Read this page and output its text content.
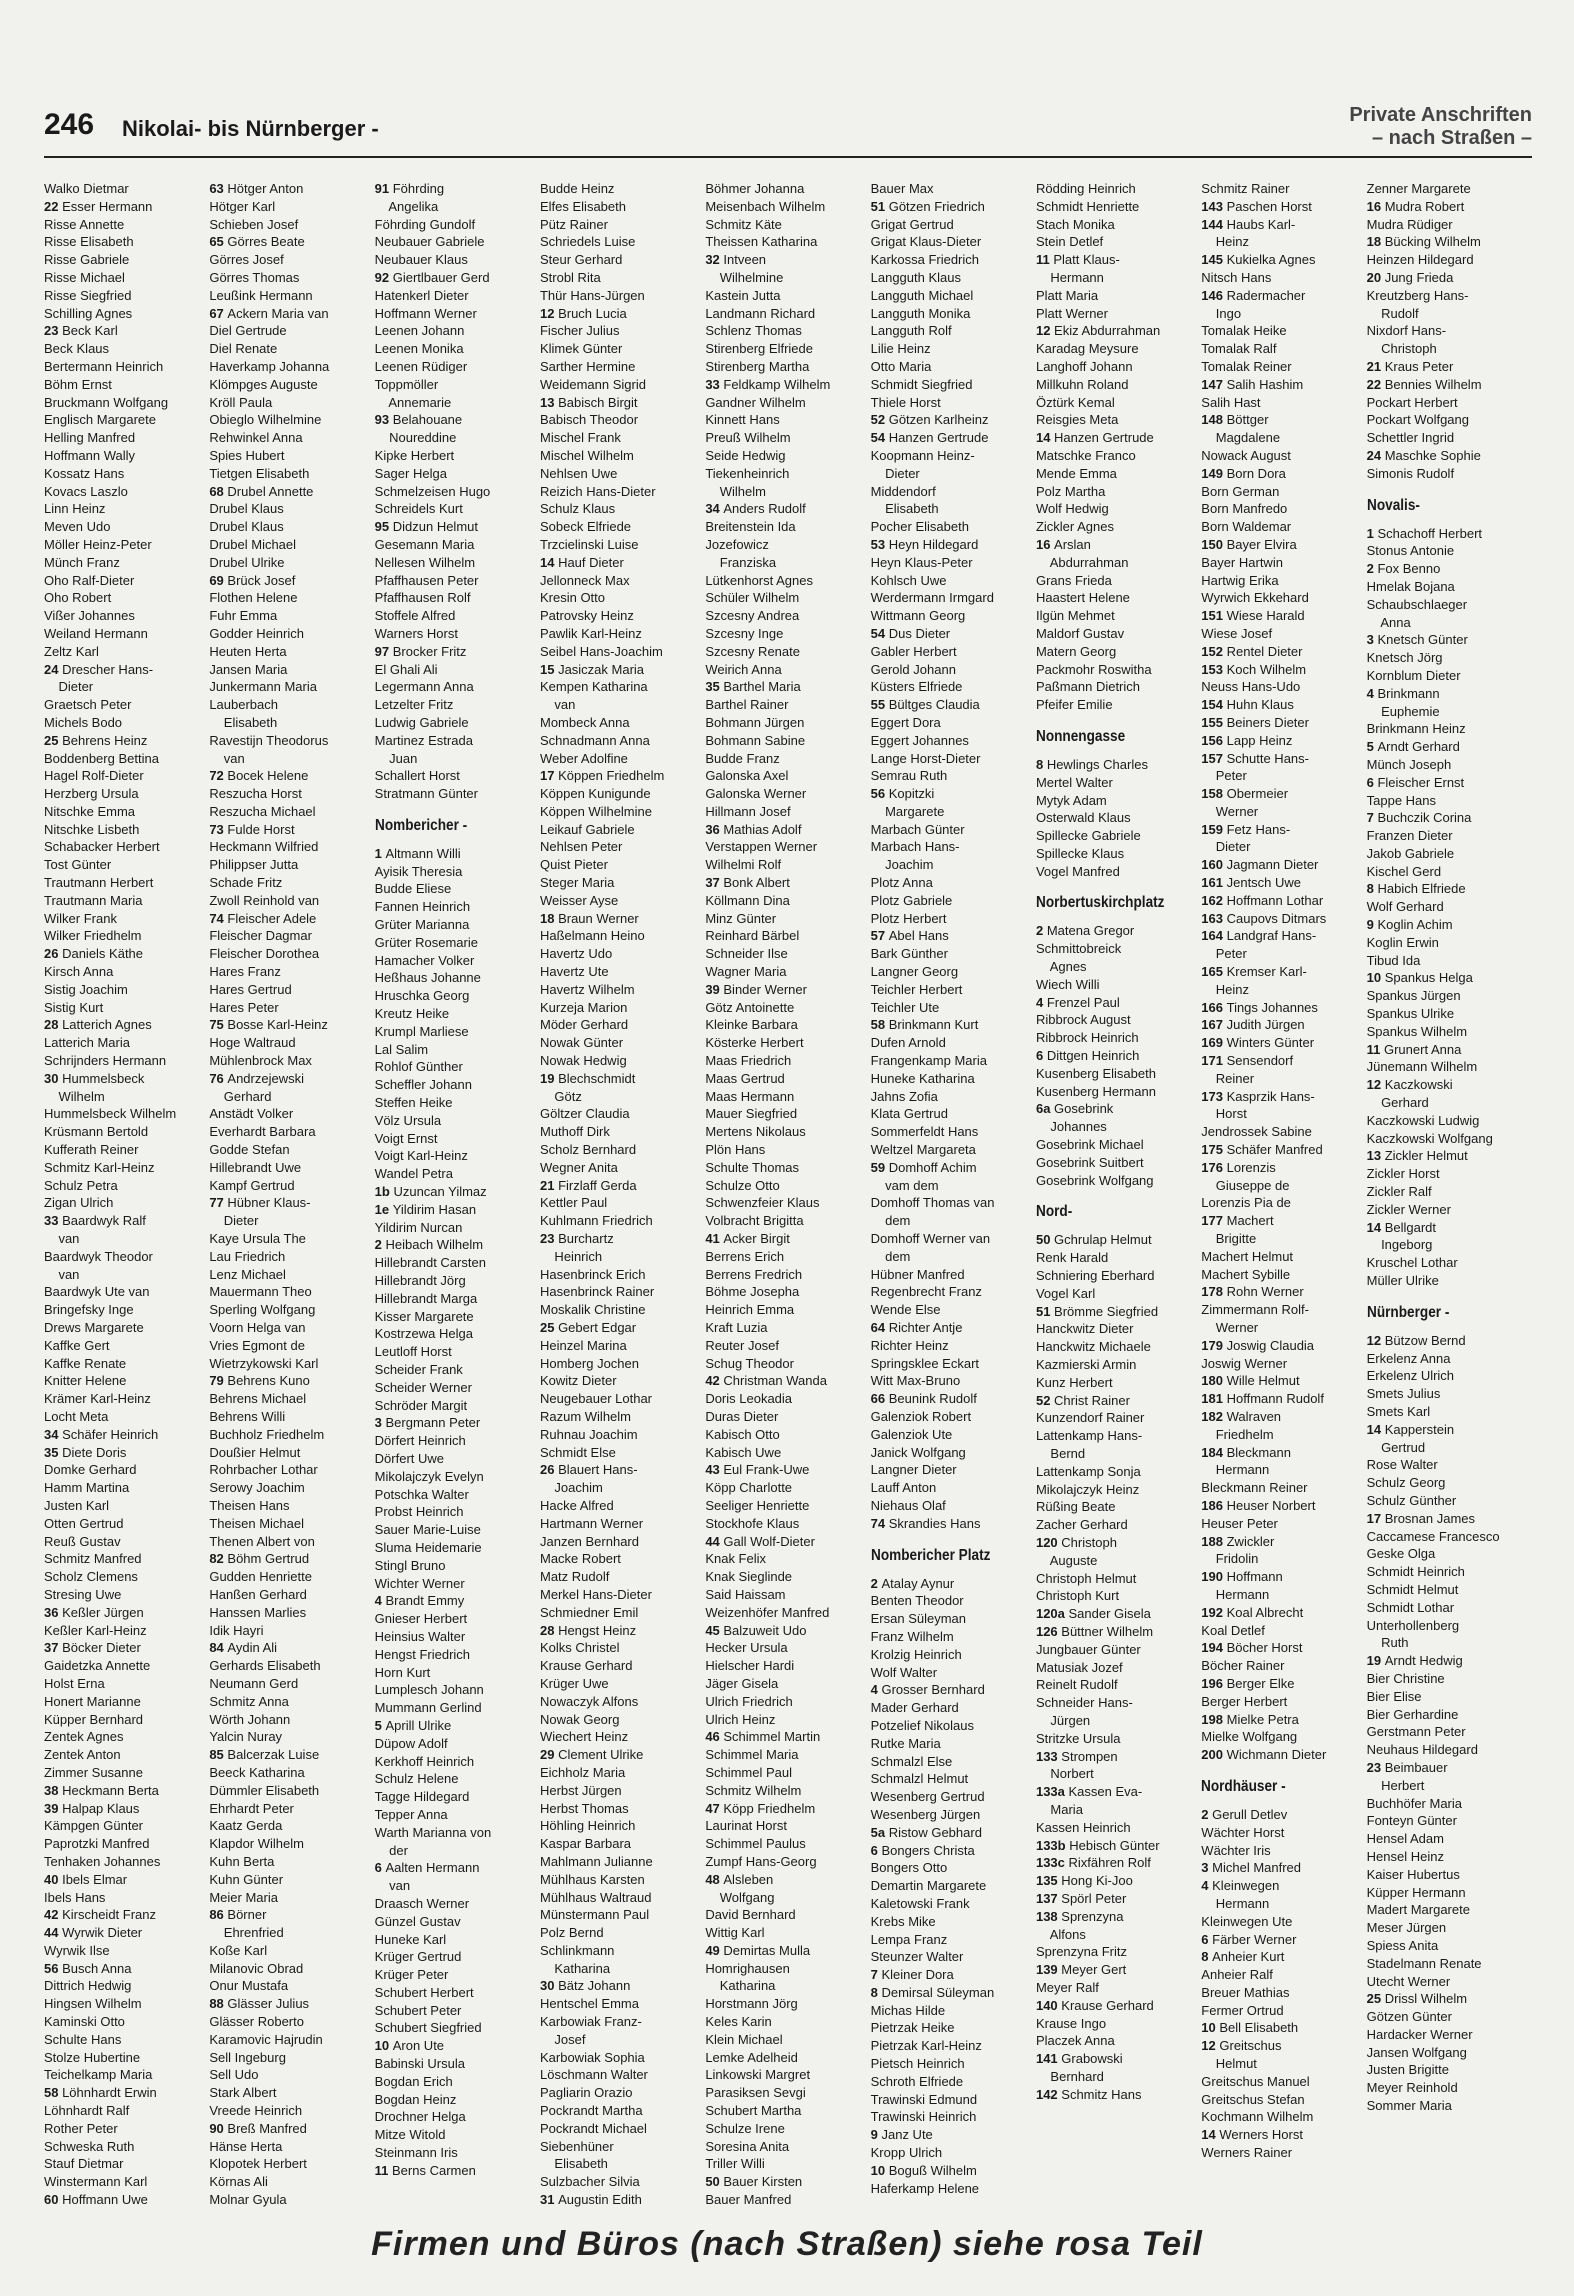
246 Nikolai- bis Nürnberger -
Private Anschriften
– nach Straßen –
Walko Dietmar
22 Esser Hermann
Risse Annette
Risse Elisabeth
Risse Gabriele
Risse Michael
Risse Siegfried
Schilling Agnes
23 Beck Karl
Beck Klaus
Bertermann Heinrich
Böhm Ernst
Bruckmann Wolfgang
Englisch Margarete
Helling Manfred
Hoffmann Wally
Kossatz Hans
Kovacs Laszlo
Linn Heinz
Meven Udo
Möller Heinz-Peter
Münch Franz
Oho Ralf-Dieter
Oho Robert
Vißer Johannes
Weiland Hermann
Zeltz Karl
24 Drescher Hans-
Dieter
Graetsch Peter
Michels Bodo
25 Behrens Heinz
Boddenberg Bettina
Hagel Rolf-Dieter
Herzberg Ursula
Nitschke Emma
Nitschke Lisbeth
Schabacker Herbert
Tost Günter
Trautmann Herbert
Trautmann Maria
Wilker Frank
Wilker Friedhelm
26 Daniels Käthe
Kirsch Anna
Sistig Joachim
Sistig Kurt
28 Latterich Agnes
Latterich Maria
Schrijnders Hermann
30 Hummelsbeck
Wilhelm
Hummelsbeck Wilhelm
Krüsmann Bertold
Kufferath Reiner
Schmitz Karl-Heinz
Schulz Petra
Zigan Ulrich
33 Baardwyk Ralf
van
Baardwyk Theodor
van
Baardwyk Ute van
Bringefsky Inge
Drews Margarete
Kaffke Gert
Kaffke Renate
Knitter Helene
Krämer Karl-Heinz
Locht Meta
34 Schäfer Heinrich
35 Diete Doris
Domke Gerhard
Hamm Martina
Justen Karl
Otten Gertrud
Reuß Gustav
Schmitz Manfred
Scholz Clemens
Stresing Uwe
36 Keßler Jürgen
Keßler Karl-Heinz
37 Böcker Dieter
Gaidetzka Annette
Holst Erna
Honert Marianne
Küpper Bernhard
Zentek Agnes
Zentek Anton
Zimmer Susanne
38 Heckmann Berta
39 Halpap Klaus
Kämpgen Günter
Paprotzki Manfred
Tenhaken Johannes
40 Ibels Elmar
Ibels Hans
42 Kirscheidt Franz
44 Wyrwik Dieter
Wyrwik Ilse
56 Busch Anna
Dittrich Hedwig
Hingsen Wilhelm
Kaminski Otto
Schulte Hans
Stolze Hubertine
Teichelkamp Maria
58 Löhnhardt Erwin
Löhnhardt Ralf
Rother Peter
Schweska Ruth
Stauf Dietmar
Winstermann Karl
60 Hoffmann Uwe
63 Hötger Anton
Hötger Karl
Schieben Josef
65 Görres Beate
Görres Josef
Görres Thomas
Leußink Hermann
67 Ackern Maria van
Diel Gertrude
Diel Renate
Haverkamp Johanna
Klömpges Auguste
Kröll Paula
Obieglo Wilhelmine
Rehwinkel Anna
Spies Hubert
Tietgen Elisabeth
68 Drubel Annette
Drubel Klaus
Drubel Klaus
Drubel Michael
Drubel Ulrike
69 Brück Josef
Flothen Helene
Fuhr Emma
Godder Heinrich
Heuten Herta
Jansen Maria
Junkermann Maria
Lauberbach
Elisabeth
Ravestijn Theodorus
van
72 Bocek Helene
Reszucha Horst
Reszucha Michael
73 Fulde Horst
Heckmann Wilfried
Philippser Jutta
Schade Fritz
Zwoll Reinhold van
74 Fleischer Adele
Fleischer Dagmar
Fleischer Dorothea
Hares Franz
Hares Gertrud
Hares Peter
75 Bosse Karl-Heinz
Hoge Waltraud
Mühlenbrock Max
76 Andrzejewski
Gerhard
Anstädt Volker
Everhardt Barbara
Godde Stefan
Hillebrandt Uwe
Kampf Gertrud
77 Hübner Klaus-
Dieter
Kaye Ursula The
Lau Friedrich
Lenz Michael
Mauermann Theo
Sperling Wolfgang
Voorn Helga van
Vries Egmont de
Wietrzykowski Karl
79 Behrens Kuno
Behrens Michael
Behrens Willi
Buchholz Friedhelm
Doußier Helmut
Rohrbacher Lothar
Serowy Joachim
Theisen Hans
Theisen Michael
Thenen Albert von
82 Böhm Gertrud
Gudden Henriette
Hanßen Gerhard
Hanssen Marlies
Idik Hayri
84 Aydin Ali
Gerhards Elisabeth
Neumann Gerd
Schmitz Anna
Wörth Johann
Yalcin Nuray
85 Balcerzak Luise
Beeck Katharina
Dümmler Elisabeth
Ehrhardt Peter
Kaatz Gerda
Klapdor Wilhelm
Kuhn Berta
Kuhn Günter
Meier Maria
86 Börner
Ehrenfried
Koße Karl
Milanovic Obrad
Onur Mustafa
88 Glässer Julius
Glässer Roberto
Karamovic Hajrudin
Sell Ingeburg
Sell Udo
Stark Albert
Vreede Heinrich
90 Breß Manfred
Hänse Herta
Klopotek Herbert
Körnas Ali
Molnar Gyula
91 Föhrding
Angelika
Föhrding Gundolf
Neubauer Gabriele
Neubauer Klaus
92 Giertlbauer Gerd
Hatenkerl Dieter
Hoffmann Werner
Leenen Johann
Leenen Monika
Leenen Rüdiger
Toppmöller
Annemarie
93 Belahouane
Noureddine
Kipke Herbert
Sager Helga
Schmelzeisen Hugo
Schreidels Kurt
95 Didzun Helmut
Gesemann Maria
Nellesen Wilhelm
Pfaffhausen Peter
Pfaffhausen Rolf
Stoffele Alfred
Warners Horst
97 Brocker Fritz
El Ghali Ali
Legermann Anna
Letzelter Fritz
Ludwig Gabriele
Martinez Estrada
Juan
Schallert Horst
Stratmann Günter
Nombericher -
1 Altmann Willi
Ayisik Theresia
Budde Eliese
Fannen Heinrich
Grüter Marianna
Grüter Rosemarie
Hamacher Volker
Heßhaus Johanne
Hruschka Georg
Kreutz Heike
Krumpl Marliese
Lal Salim
Rohlof Günther
Scheffler Johann
Steffen Heike
Völz Ursula
Voigt Ernst
Voigt Karl-Heinz
Wandel Petra
1b Uzuncan Yilmaz
1e Yildirim Hasan
Yildirim Nurcan
2 Heibach Wilhelm
Hillebrandt Carsten
Hillebrandt Jörg
Hillebrandt Marga
Kisser Margarete
Kostrzewa Helga
Leutloff Horst
Scheider Frank
Scheider Werner
Schröder Margit
3 Bergmann Peter
Dörfert Heinrich
Dörfert Uwe
Mikolajczyk Evelyn
Potschka Walter
Probst Heinrich
Sauer Marie-Luise
Sluma Heidemarie
Stingl Bruno
Wichter Werner
4 Brandt Emmy
Gnieser Herbert
Heinsius Walter
Hengst Friedrich
Horn Kurt
Lumplesch Johann
Mummann Gerlind
5 Aprill Ulrike
Düpow Adolf
Kerkhoff Heinrich
Schulz Helene
Tagge Hildegard
Tepper Anna
Warth Marianna von
der
6 Aalten Hermann
van
Draasch Werner
Günzel Gustav
Huneke Karl
Krüger Gertrud
Krüger Peter
Schubert Herbert
Schubert Peter
Schubert Siegfried
10 Aron Ute
Babinski Ursula
Bogdan Erich
Bogdan Heinz
Drochner Helga
Mitze Witold
Steinmann Iris
11 Berns Carmen
Budde Heinz
Elfes Elisabeth
Pütz Rainer
Schriedels Luise
Steur Gerhard
Strobl Rita
Thür Hans-Jürgen
12 Bruch Lucia
Fischer Julius
Klimek Günter
Sarther Hermine
Weidemann Sigrid
13 Babisch Birgit
Babisch Theodor
Mischel Frank
Mischel Wilhelm
Nehlsen Uwe
Reizich Hans-Dieter
Schulz Klaus
Sobeck Elfriede
Trzcielinski Luise
14 Hauf Dieter
Jellonneck Max
Kresin Otto
Patrovsky Heinz
Pawlik Karl-Heinz
Seibel Hans-Joachim
15 Jasiczak Maria
Kempen Katharina
van
Mombeck Anna
Schnadmann Anna
Weber Adolfine
17 Köppen Friedhelm
Köppen Kunigunde
Köppen Wilhelmine
Leikauf Gabriele
Nehlsen Peter
Quist Pieter
Steger Maria
Weisser Ayse
18 Braun Werner
Haßelmann Heino
Havertz Udo
Havertz Ute
Havertz Wilhelm
Kurzeja Marion
Möder Gerhard
Nowak Günter
Nowak Hedwig
19 Blechschmidt
Götz
Göltzer Claudia
Muthoff Dirk
Scholz Bernhard
Wegner Anita
21 Firzlaff Gerda
Kettler Paul
Kuhlmann Friedrich
23 Burchartz
Heinrich
Hasenbrinck Erich
Hasenbrinck Rainer
Moskalik Christine
25 Gebert Edgar
Heinzel Marina
Homberg Jochen
Kowitz Dieter
Neugebauer Lothar
Razum Wilhelm
Ruhnau Joachim
Schmidt Else
26 Blauert Hans-
Joachim
Hacke Alfred
Hartmann Werner
Janzen Bernhard
Macke Robert
Matz Rudolf
Merkel Hans-Dieter
Schmiedner Emil
28 Hengst Heinz
Kolks Christel
Krause Gerhard
Krüger Uwe
Nowaczyk Alfons
Nowak Georg
Wiechert Heinz
29 Clement Ulrike
Eichholz Maria
Herbst Jürgen
Herbst Thomas
Höhling Heinrich
Kaspar Barbara
Mahlmann Julianne
Mühlhaus Karsten
Mühlhaus Waltraud
Münstermann Paul
Polz Bernd
Schlinkmann
Katharina
30 Bätz Johann
Hentschel Emma
Karbowiak Franz-
Josef
Karbowiak Sophia
Löschmann Walter
Pagliarin Orazio
Pockrandt Martha
Pockrandt Michael
Siebenhüner
Elisabeth
Sulzbacher Silvia
31 Augustin Edith
Böhmer Johanna
Meisenbach Wilhelm
Schmitz Käte
Theissen Katharina
32 Intveen
Wilhelmine
Kastein Jutta
Landmann Richard
Schlenz Thomas
Stirenberg Elfriede
Stirenberg Martha
33 Feldkamp Wilhelm
Gandner Wilhelm
Kinnett Hans
Preuß Wilhelm
Seide Hedwig
Tiekenheinrich
Wilhelm
34 Anders Rudolf
Breitenstein Ida
Jozefowicz
Franziska
Lütkenhorst Agnes
Schüler Wilhelm
Szcesny Andrea
Szcesny Inge
Szcesny Renate
Weirich Anna
35 Barthel Maria
Barthel Rainer
Bohmann Jürgen
Bohmann Sabine
Budde Franz
Galonska Axel
Galonska Werner
Hillmann Josef
36 Mathias Adolf
Verstappen Werner
Wilhelmi Rolf
37 Bonk Albert
Köllmann Dina
Minz Günter
Reinhard Bärbel
Schneider Ilse
Wagner Maria
39 Binder Werner
Götz Antoinette
Kleinke Barbara
Kösterke Herbert
Maas Friedrich
Maas Gertrud
Maas Hermann
Mauer Siegfried
Mertens Nikolaus
Plön Hans
Schulte Thomas
Schulze Otto
Schwenzfeier Klaus
Volbracht Brigitta
41 Acker Birgit
Berrens Erich
Berrens Fredrich
Böhme Josepha
Heinrich Emma
Kraft Luzia
Reuter Josef
Schug Theodor
42 Christman Wanda
Doris Leokadia
Duras Dieter
Kabisch Otto
Kabisch Uwe
43 Eul Frank-Uwe
Köpp Charlotte
Seeliger Henriette
Stockhofe Klaus
44 Gall Wolf-Dieter
Knak Felix
Knak Sieglinde
Said Haissam
Weizenhöfer Manfred
45 Balzuweit Udo
Hecker Ursula
Hielscher Hardi
Jäger Gisela
Ulrich Friedrich
Ulrich Heinz
46 Schimmel Martin
Schimmel Maria
Schimmel Paul
Schmitz Wilhelm
47 Köpp Friedhelm
Laurinat Horst
Schimmel Paulus
Zumpf Hans-Georg
48 Alsleben
Wolfgang
David Bernhard
Wittig Karl
49 Demirtas Mulla
Homrighausen
Katharina
Horstmann Jörg
Keles Karin
Klein Michael
Lemke Adelheid
Linkowski Margret
Parasiksen Sevgi
Schubert Martha
Schulze Irene
Soresina Anita
Triller Willi
50 Bauer Kirsten
Bauer Manfred
Bauer Max
51 Götzen Friedrich
Grigat Gertrud
Grigat Klaus-Dieter
Karkossa Friedrich
Langguth Klaus
Langguth Michael
Langguth Monika
Langguth Rolf
Lilie Heinz
Otto Maria
Schmidt Siegfried
Thiele Horst
52 Götzen Karlheinz
54 Hanzen Gertrude
Koopmann Heinz-
Dieter
Middendorf
Elisabeth
Pocher Elisabeth
53 Heyn Hildegard
Heyn Klaus-Peter
Kohlsch Uwe
Werdermann Irmgard
Wittmann Georg
54 Dus Dieter
Gabler Herbert
Gerold Johann
Küsters Elfriede
55 Bültges Claudia
Eggert Dora
Eggert Johannes
Lange Horst-Dieter
Semrau Ruth
56 Kopitzki
Margarete
Marbach Günter
Marbach Hans-
Joachim
Plotz Anna
Plotz Gabriele
Plotz Herbert
57 Abel Hans
Bark Günther
Langner Georg
Teichler Herbert
Teichler Ute
58 Brinkmann Kurt
Dufen Arnold
Frangenkamp Maria
Huneke Katharina
Jahns Zofia
Klata Gertrud
Sommerfeldt Hans
Weltzel Margareta
59 Domhoff Achim
vam dem
Domhoff Thomas van
dem
Domhoff Werner van
dem
Hübner Manfred
Regenbrecht Franz
Wende Else
64 Richter Antje
Richter Heinz
Springsklee Eckart
Witt Max-Bruno
66 Beunink Rudolf
Galenziok Robert
Galenziok Ute
Janick Wolfgang
Langner Dieter
Lauff Anton
Niehaus Olaf
74 Skrandies Hans
Nombericher Platz
2 Atalay Aynur
Benten Theodor
Ersan Süleyman
Franz Wilhelm
Krolzig Heinrich
Wolf Walter
4 Grosser Bernhard
Mader Gerhard
Potzelief Nikolaus
Rutke Maria
Schmalzl Else
Schmalzl Helmut
Wesenberg Gertrud
Wesenberg Jürgen
5a Ristow Gebhard
6 Bongers Christa
Bongers Otto
Demartin Margarete
Kaletowski Frank
Krebs Mike
Lempa Franz
Steunzer Walter
7 Kleiner Dora
8 Demirsal Süleyman
Michas Hilde
Pietrzak Heike
Pietrzak Karl-Heinz
Pietsch Heinrich
Schroth Elfriede
Trawinski Edmund
Trawinski Heinrich
9 Janz Ute
Kropp Ulrich
10 Boguß Wilhelm
Haferkamp Helene
Rödding Heinrich
Schmidt Henriette
Stach Monika
Stein Detlef
11 Platt Klaus-
Hermann
Platt Maria
Platt Werner
12 Ekiz Abdurrahman
Karadag Meysure
Langhoff Johann
Millkuhn Roland
Öztürk Kemal
Reisgies Meta
14 Hanzen Gertrude
Matschke Franco
Mende Emma
Polz Martha
Wolf Hedwig
Zickler Agnes
16 Arslan
Abdurrahman
Grans Frieda
Haastert Helene
Ilgün Mehmet
Maldorf Gustav
Matern Georg
Packmohr Roswitha
Paßmann Dietrich
Pfeifer Emilie
Nonnengasse
8 Hewlings Charles
Mertel Walter
Mytyk Adam
Osterwald Klaus
Spillecke Gabriele
Spillecke Klaus
Vogel Manfred
Norbertuskirchplatz
2 Matena Gregor
Schmittobreick
Agnes
Wiech Willi
4 Frenzel Paul
Ribbrock August
Ribbrock Heinrich
6 Dittgen Heinrich
Kusenberg Elisabeth
Kusenberg Hermann
6a Gosebrink
Johannes
Gosebrink Michael
Gosebrink Suitbert
Gosebrink Wolfgang
Nord-
50 Gchrulap Helmut
Renk Harald
Schniering Eberhard
Vogel Karl
51 Brömme Siegfried
Hanckwitz Dieter
Hanckwitz Michaele
Kazmierski Armin
Kunz Herbert
52 Christ Rainer
Kunzendorf Rainer
Lattenkamp Hans-
Bernd
Lattenkamp Sonja
Mikolajczyk Heinz
Rüßing Beate
Zacher Gerhard
120 Christoph
Auguste
Christoph Helmut
Christoph Kurt
120a Sander Gisela
126 Büttner Wilhelm
Jungbauer Günter
Matusiak Jozef
Reinelt Rudolf
Schneider Hans-
Jürgen
Stritzke Ursula
133 Strompen
Norbert
133a Kassen Eva-
Maria
Kassen Heinrich
133b Hebisch Günter
133c Rixfähren Rolf
135 Hong Ki-Joo
137 Spörl Peter
138 Sprenzyna
Alfons
Sprenzyna Fritz
139 Meyer Gert
Meyer Ralf
140 Krause Gerhard
Krause Ingo
Placzek Anna
141 Grabowski
Bernhard
142 Schmitz Hans
Schmitz Rainer
143 Paschen Horst
144 Haubs Karl-
Heinz
145 Kukielka Agnes
Nitsch Hans
146 Radermacher
Ingo
Tomalak Heike
Tomalak Ralf
Tomalak Reiner
147 Salih Hashim
Salih Hast
148 Böttger
Magdalene
Nowack August
149 Born Dora
Born German
Born Manfredo
Born Waldemar
150 Bayer Elvira
Bayer Hartwin
Hartwig Erika
Wyrwich Ekkehard
151 Wiese Harald
Wiese Josef
152 Rentel Dieter
153 Koch Wilhelm
Neuss Hans-Udo
154 Huhn Klaus
155 Beiners Dieter
156 Lapp Heinz
157 Schutte Hans-
Peter
158 Obermeier
Werner
159 Fetz Hans-
Dieter
160 Jagmann Dieter
161 Jentsch Uwe
162 Hoffmann Lothar
163 Caupovs Ditmars
164 Landgraf Hans-
Peter
165 Kremser Karl-
Heinz
166 Tings Johannes
167 Judith Jürgen
169 Winters Günter
171 Sensendorf
Reiner
173 Kasprzik Hans-
Horst
Jendrossek Sabine
175 Schäfer Manfred
176 Lorenzis
Giuseppe de
Lorenzis Pia de
177 Machert
Brigitte
Machert Helmut
Machert Sybille
178 Rohn Werner
Zimmermann Rolf-
Werner
179 Joswig Claudia
Joswig Werner
180 Wille Helmut
181 Hoffmann Rudolf
182 Walraven
Friedhelm
184 Bleckmann
Hermann
Bleckmann Reiner
186 Heuser Norbert
Heuser Peter
188 Zwickler
Fridolin
190 Hoffmann
Hermann
192 Koal Albrecht
Koal Detlef
194 Böcher Horst
Böcher Rainer
196 Berger Elke
Berger Herbert
198 Mielke Petra
Mielke Wolfgang
200 Wichmann Dieter
Nordhäuser -
2 Gerull Detlev
Wächter Horst
Wächter Iris
3 Michel Manfred
4 Kleinwegen
Hermann
Kleinwegen Ute
6 Färber Werner
8 Anheier Kurt
Anheier Ralf
Breuer Mathias
Fermer Ortrud
10 Bell Elisabeth
12 Greitschus
Helmut
Greitschus Manuel
Greitschus Stefan
Kochmann Wilhelm
14 Werners Horst
Werners Rainer
Zenner Margarete
16 Mudra Robert
Mudra Rüdiger
18 Bücking Wilhelm
Heinzen Hildegard
20 Jung Frieda
Kreutzberg Hans-
Rudolf
Nixdorf Hans-
Christoph
21 Kraus Peter
22 Bennies Wilhelm
Pockart Herbert
Pockart Wolfgang
Schettler Ingrid
24 Maschke Sophie
Simonis Rudolf
Novalis-
1 Schachoff Herbert
Stonus Antonie
2 Fox Benno
Hmelak Bojana
Schaubschlaeger
Anna
3 Knetsch Günter
Knetsch Jörg
Kornblum Dieter
4 Brinkmann
Euphemie
Brinkmann Heinz
5 Arndt Gerhard
Münch Joseph
6 Fleischer Ernst
Tappe Hans
7 Buchczik Corina
Franzen Dieter
Jakob Gabriele
Kischel Gerd
8 Habich Elfriede
Wolf Gerhard
9 Koglin Achim
Koglin Erwin
Tibud Ida
10 Spankus Helga
Spankus Jürgen
Spankus Ulrike
Spankus Wilhelm
11 Grunert Anna
Jünemann Wilhelm
12 Kaczkowski
Gerhard
Kaczkowski Ludwig
Kaczkowski Wolfgang
13 Zickler Helmut
Zickler Horst
Zickler Ralf
Zickler Werner
14 Bellgardt
Ingeborg
Kruschel Lothar
Müller Ulrike
Nürnberger -
12 Bützow Bernd
Erkelenz Anna
Erkelenz Ulrich
Smets Julius
Smets Karl
14 Kapperstein
Gertrud
Rose Walter
Schulz Georg
Schulz Günther
17 Brosnan James
Caccamese Francesco
Geske Olga
Schmidt Heinrich
Schmidt Helmut
Schmidt Lothar
Unterhollenberg
Ruth
19 Arndt Hedwig
Bier Christine
Bier Elise
Bier Gerhardine
Gerstmann Peter
Neuhaus Hildegard
23 Beimbauer
Herbert
Buchhöfer Maria
Fonteyn Günter
Hensel Adam
Hensel Heinz
Kaiser Hubertus
Küpper Hermann
Madert Margarete
Meser Jürgen
Spiess Anita
Stadelmann Renate
Utecht Werner
25 Drissl Wilhelm
Götzen Günter
Hardacker Werner
Jansen Wolfgang
Justen Brigitte
Meyer Reinhold
Sommer Maria
Firmen und Büros (nach Straßen) siehe rosa Teil
